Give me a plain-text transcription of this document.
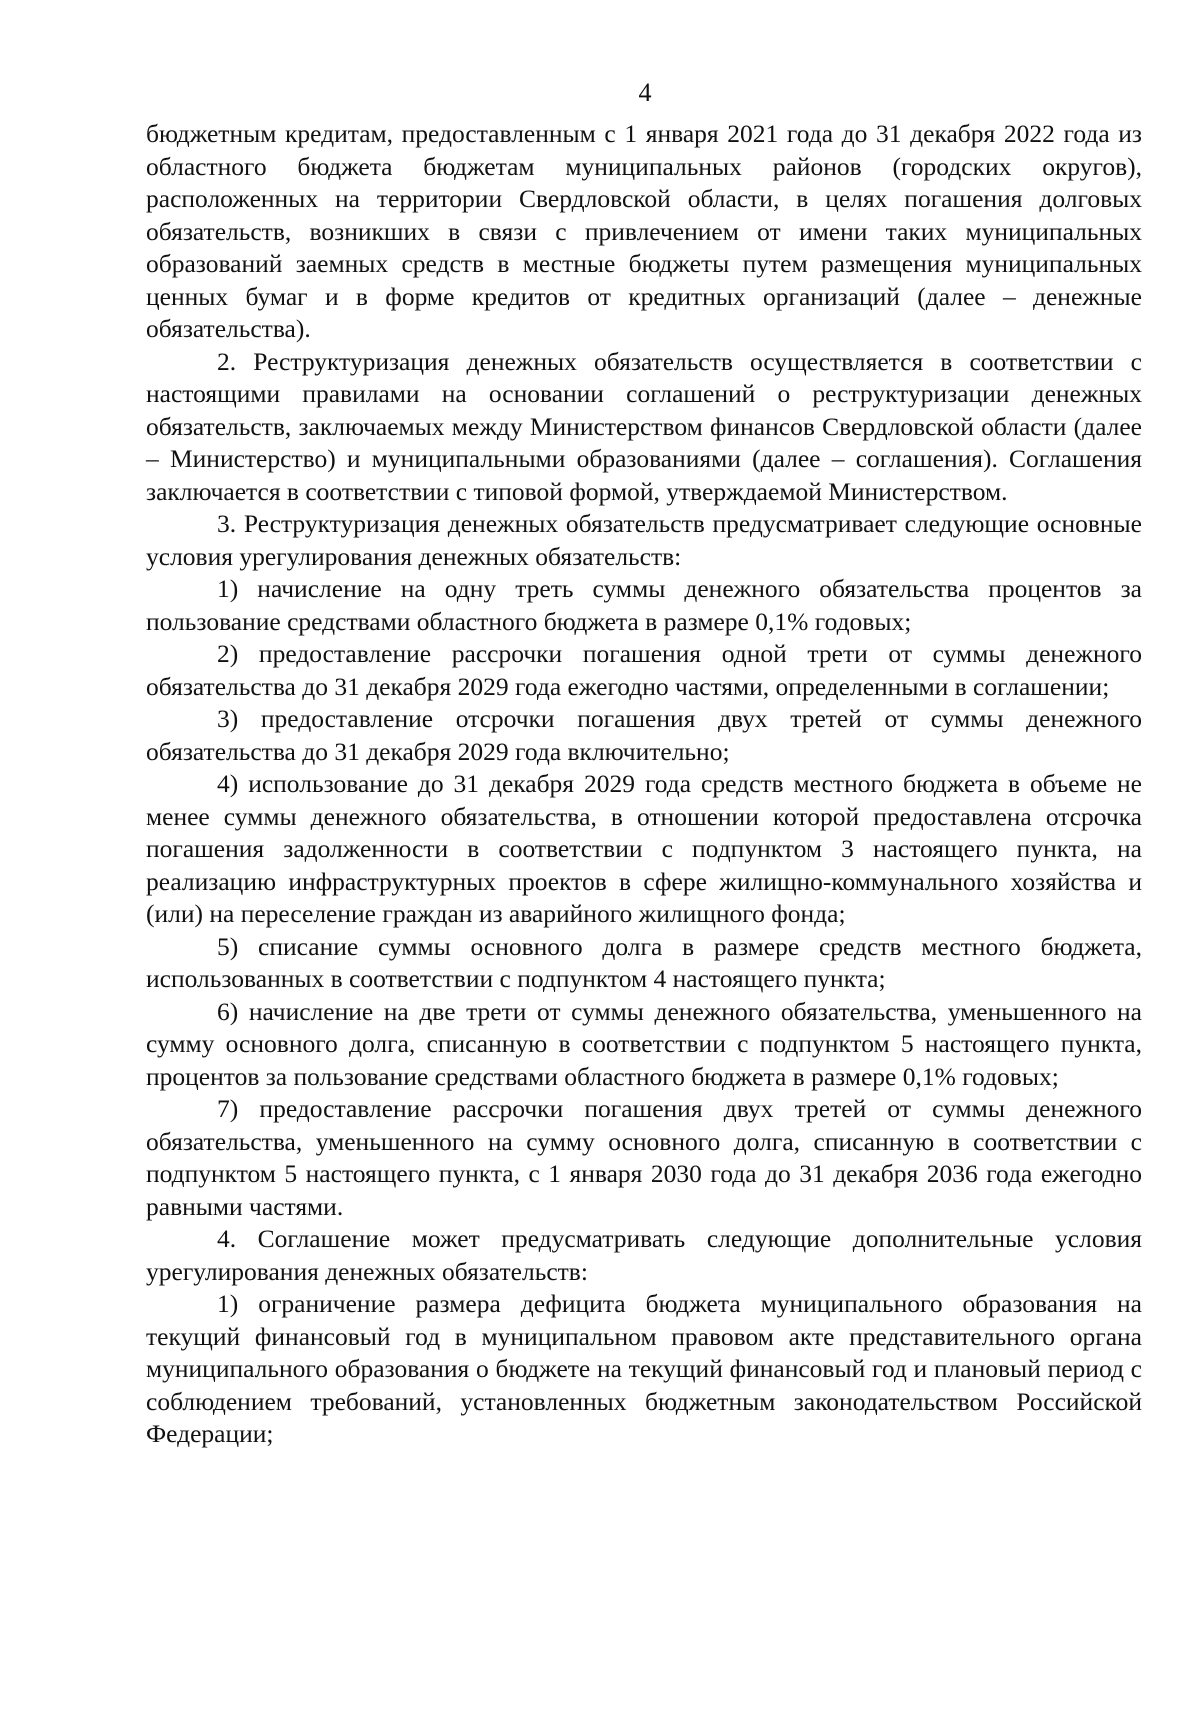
4

бюджетным кредитам, предоставленным с 1 января 2021 года до 31 декабря 2022 года из областного бюджета бюджетам муниципальных районов (городских округов), расположенных на территории Свердловской области, в целях погашения долговых обязательств, возникших в связи с привлечением от имени таких муниципальных образований заемных средств в местные бюджеты путем размещения муниципальных ценных бумаг и в форме кредитов от кредитных организаций (далее – денежные обязательства).

2. Реструктуризация денежных обязательств осуществляется в соответствии с настоящими правилами на основании соглашений о реструктуризации денежных обязательств, заключаемых между Министерством финансов Свердловской области (далее – Министерство) и муниципальными образованиями (далее – соглашения). Соглашения заключается в соответствии с типовой формой, утверждаемой Министерством.

3. Реструктуризация денежных обязательств предусматривает следующие основные условия урегулирования денежных обязательств:

1) начисление на одну треть суммы денежного обязательства процентов за пользование средствами областного бюджета в размере 0,1% годовых;

2) предоставление рассрочки погашения одной трети от суммы денежного обязательства до 31 декабря 2029 года ежегодно частями, определенными в соглашении;

3) предоставление отсрочки погашения двух третей от суммы денежного обязательства до 31 декабря 2029 года включительно;

4) использование до 31 декабря 2029 года средств местного бюджета в объеме не менее суммы денежного обязательства, в отношении которой предоставлена отсрочка погашения задолженности в соответствии с подпунктом 3 настоящего пункта, на реализацию инфраструктурных проектов в сфере жилищно-коммунального хозяйства и (или) на переселение граждан из аварийного жилищного фонда;

5) списание суммы основного долга в размере средств местного бюджета, использованных в соответствии с подпунктом 4 настоящего пункта;

6) начисление на две трети от суммы денежного обязательства, уменьшенного на сумму основного долга, списанную в соответствии с подпунктом 5 настоящего пункта, процентов за пользование средствами областного бюджета в размере 0,1% годовых;

7) предоставление рассрочки погашения двух третей от суммы денежного обязательства, уменьшенного на сумму основного долга, списанную в соответствии с подпунктом 5 настоящего пункта, с 1 января 2030 года до 31 декабря 2036 года ежегодно равными частями.

4. Соглашение может предусматривать следующие дополнительные условия урегулирования денежных обязательств:

1) ограничение размера дефицита бюджета муниципального образования на текущий финансовый год в муниципальном правовом акте представительного органа муниципального образования о бюджете на текущий финансовый год и плановый период с соблюдением требований, установленных бюджетным законодательством Российской Федерации;
